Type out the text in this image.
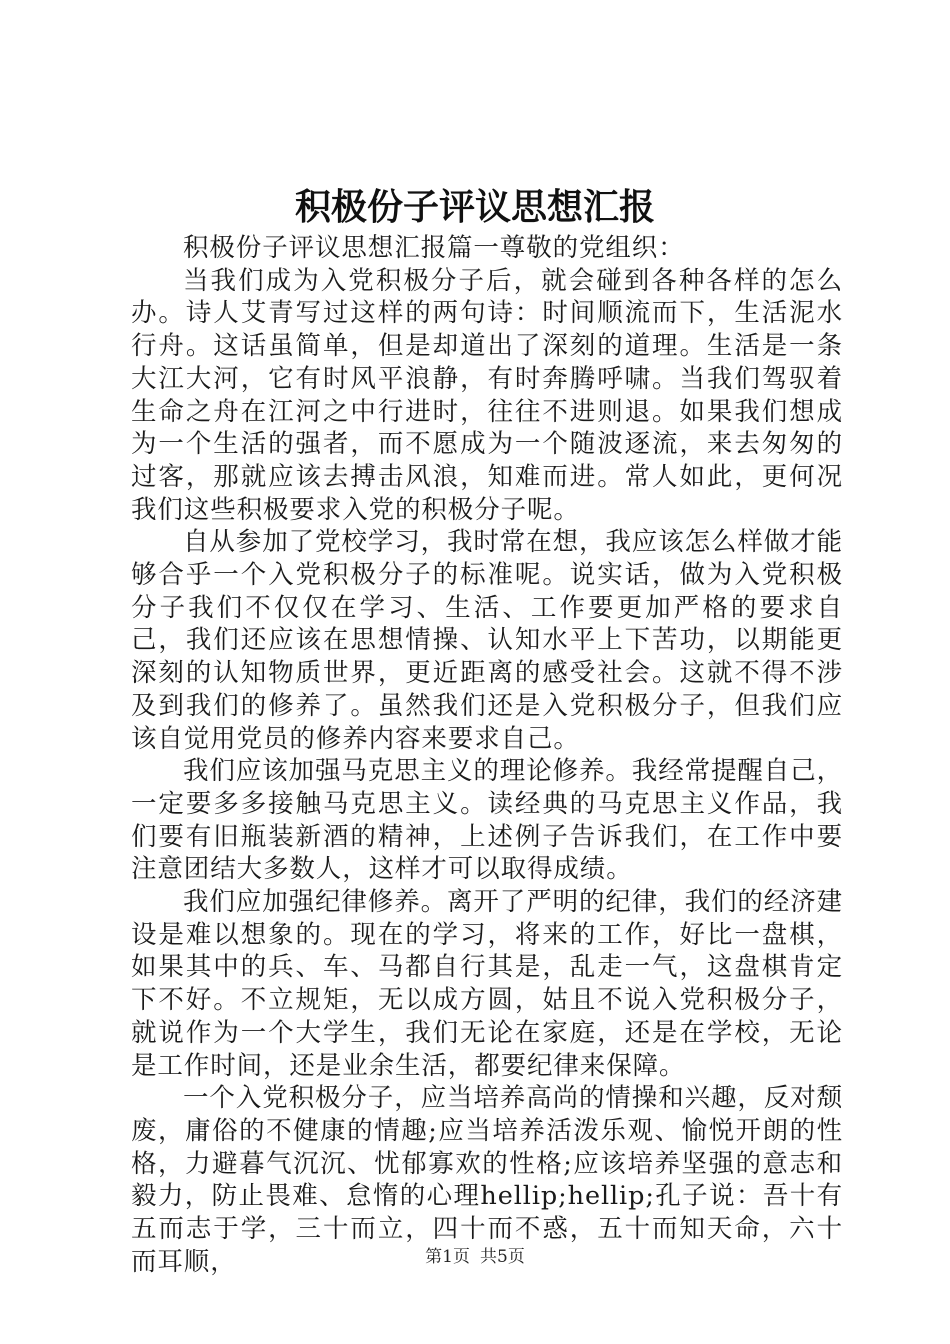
积极份子评议思想汇报

积极份子评议思想汇报篇一尊敬的党组织：

当我们成为入党积极分子后，就会碰到各种各样的怎么办。诗人艾青写过这样的两句诗：时间顺流而下，生活泥水行舟。这话虽简单，但是却道出了深刻的道理。生活是一条大江大河，它有时风平浪静，有时奔腾呼啸。当我们驾驭着生命之舟在江河之中行进时，往往不进则退。如果我们想成为一个生活的强者，而不愿成为一个随波逐流，来去匆匆的过客，那就应该去搏击风浪，知难而进。常人如此，更何况我们这些积极要求入党的积极分子呢。

自从参加了党校学习，我时常在想，我应该怎么样做才能够合乎一个入党积极分子的标准呢。说实话，做为入党积极分子我们不仅仅在学习、生活、工作要更加严格的要求自己，我们还应该在思想情操、认知水平上下苦功，以期能更深刻的认知物质世界，更近距离的感受社会。这就不得不涉及到我们的修养了。虽然我们还是入党积极分子，但我们应该自觉用党员的修养内容来要求自己。

我们应该加强马克思主义的理论修养。我经常提醒自己，一定要多多接触马克思主义。读经典的马克思主义作品，我们要有旧瓶装新酒的精神，上述例子告诉我们，在工作中要注意团结大多数人，这样才可以取得成绩。

我们应加强纪律修养。离开了严明的纪律，我们的经济建设是难以想象的。现在的学习，将来的工作，好比一盘棋，如果其中的兵、车、马都自行其是，乱走一气，这盘棋肯定下不好。不立规矩，无以成方圆，姑且不说入党积极分子，就说作为一个大学生，我们无论在家庭，还是在学校，无论是工作时间，还是业余生活，都要纪律来保障。

一个入党积极分子，应当培养高尚的情操和兴趣，反对颓废，庸俗的不健康的情趣;应当培养活泼乐观、愉悦开朗的性格，力避暮气沉沉、忧郁寡欢的性格;应该培养坚强的意志和毅力，防止畏难、怠惰的心理hellip;hellip;孔子说：吾十有五而志于学，三十而立，四十而不惑，五十而知天命，六十而耳顺，	第1页 共5页
